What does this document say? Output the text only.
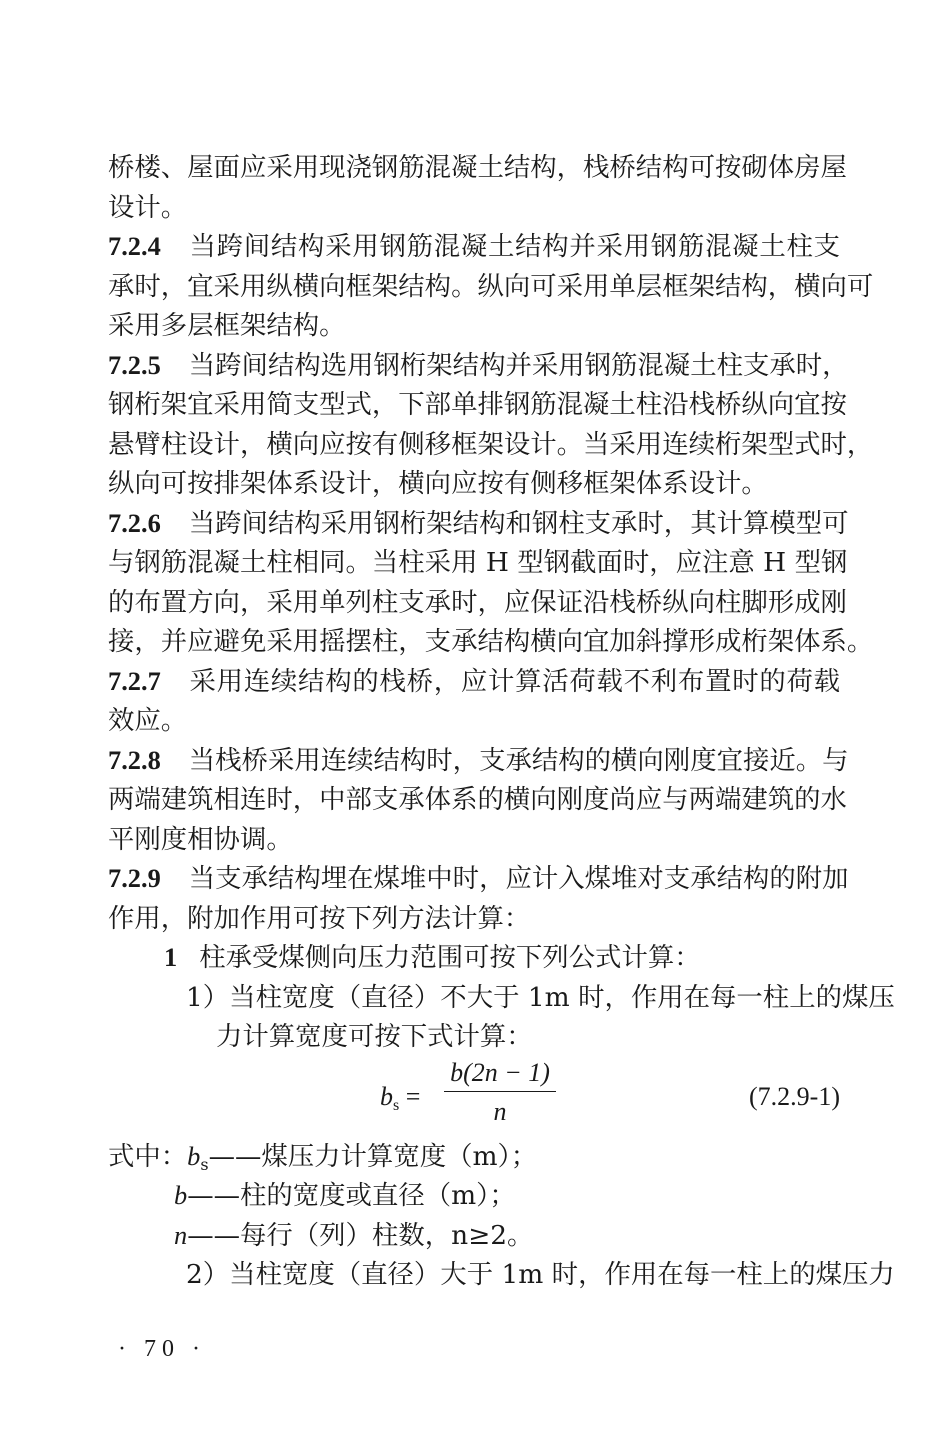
桥楼、屋面应采用现浇钢筋混凝土结构，栈桥结构可按砌体房屋
设计。
7.2.4 当跨间结构采用钢筋混凝土结构并采用钢筋混凝土柱支
承时，宜采用纵横向框架结构。纵向可采用单层框架结构，横向可
采用多层框架结构。
7.2.5 当跨间结构选用钢桁架结构并采用钢筋混凝土柱支承时，
钢桁架宜采用简支型式，下部单排钢筋混凝土柱沿栈桥纵向宜按
悬臂柱设计，横向应按有侧移框架设计。当采用连续桁架型式时，
纵向可按排架体系设计，横向应按有侧移框架体系设计。
7.2.6 当跨间结构采用钢桁架结构和钢柱支承时，其计算模型可
与钢筋混凝土柱相同。当柱采用 H 型钢截面时，应注意 H 型钢
的布置方向，采用单列柱支承时，应保证沿栈桥纵向柱脚形成刚
接，并应避免采用摇摆柱，支承结构横向宜加斜撑形成桁架体系。
7.2.7 采用连续结构的栈桥，应计算活荷载不利布置时的荷载
效应。
7.2.8 当栈桥采用连续结构时，支承结构的横向刚度宜接近。与
两端建筑相连时，中部支承体系的横向刚度尚应与两端建筑的水
平刚度相协调。
7.2.9 当支承结构埋在煤堆中时，应计入煤堆对支承结构的附加
作用，附加作用可按下列方法计算：
1 柱承受煤侧向压力范围可按下列公式计算：
1）当柱宽度（直径）不大于 1m 时，作用在每一柱上的煤压
力计算宽度可按下式计算：
$b_s$ =
b(2n − 1)
n
(7.2.9-1)
式中：$b_s——$煤压力计算宽度（m）；
b——柱的宽度或直径（m）；
n——每行（列）柱数，n≥2。
2）当柱宽度（直径）大于 1m 时，作用在每一柱上的煤压力
· 70 ·
